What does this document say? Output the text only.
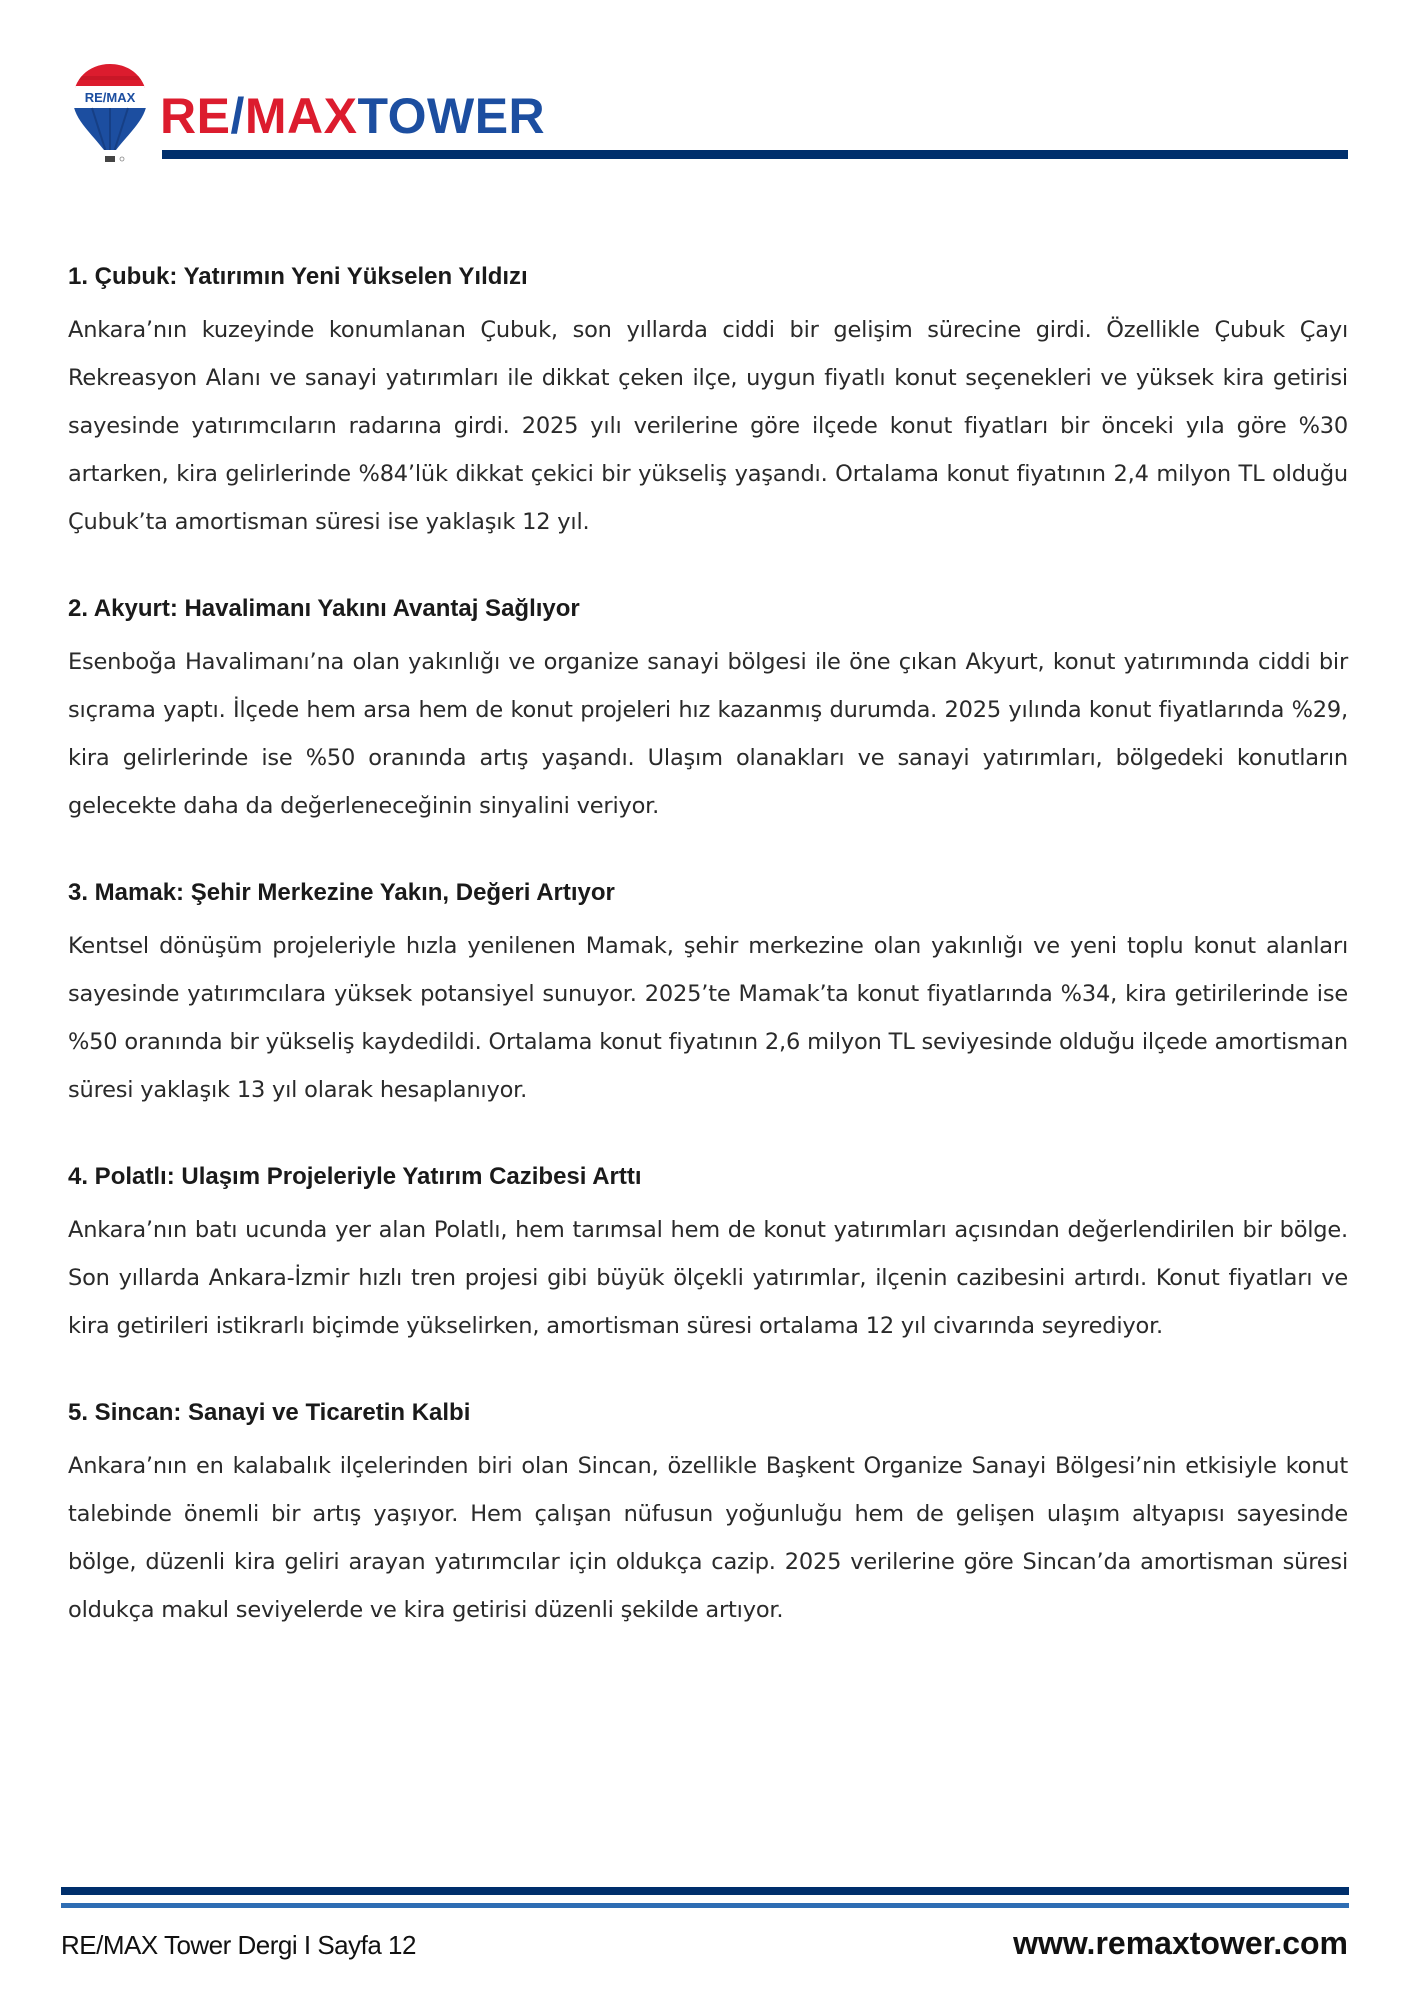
RE/MAX RE/MAXTOWER
1. Çubuk: Yatırımın Yeni Yükselen Yıldızı

Ankara’nın kuzeyinde konumlanan Çubuk, son yıllarda ciddi bir gelişim sürecine girdi. Özellikle Çubuk Çayı Rekreasyon Alanı ve sanayi yatırımları ile dikkat çeken ilçe, uygun fiyatlı konut seçenekleri ve yüksek kira getirisi sayesinde yatırımcıların radarına girdi. 2025 yılı verilerine göre ilçede konut fiyatları bir önceki yıla göre %30 artarken, kira gelirlerinde %84’lük dikkat çekici bir yükseliş yaşandı. Ortalama konut fiyatının 2,4 milyon TL olduğu Çubuk’ta amortisman süresi ise yaklaşık 12 yıl.

2. Akyurt: Havalimanı Yakını Avantaj Sağlıyor

Esenboğa Havalimanı’na olan yakınlığı ve organize sanayi bölgesi ile öne çıkan Akyurt, konut yatırımında ciddi bir sıçrama yaptı. İlçede hem arsa hem de konut projeleri hız kazanmış durumda. 2025 yılında konut fiyatlarında %29, kira gelirlerinde ise %50 oranında artış yaşandı. Ulaşım olanakları ve sanayi yatırımları, bölgedeki konutların gelecekte daha da değerleneceğinin sinyalini veriyor.

3. Mamak: Şehir Merkezine Yakın, Değeri Artıyor

Kentsel dönüşüm projeleriyle hızla yenilenen Mamak, şehir merkezine olan yakınlığı ve yeni toplu konut alanları sayesinde yatırımcılara yüksek potansiyel sunuyor. 2025’te Mamak’ta konut fiyatlarında %34, kira getirilerinde ise %50 oranında bir yükseliş kaydedildi. Ortalama konut fiyatının 2,6 milyon TL seviyesinde olduğu ilçede amortisman süresi yaklaşık 13 yıl olarak hesaplanıyor.

4. Polatlı: Ulaşım Projeleriyle Yatırım Cazibesi Arttı

Ankara’nın batı ucunda yer alan Polatlı, hem tarımsal hem de konut yatırımları açısından değerlendirilen bir bölge. Son yıllarda Ankara-İzmir hızlı tren projesi gibi büyük ölçekli yatırımlar, ilçenin cazibesini artırdı. Konut fiyatları ve kira getirileri istikrarlı biçimde yükselirken, amortisman süresi ortalama 12 yıl civarında seyrediyor.

5. Sincan: Sanayi ve Ticaretin Kalbi

Ankara’nın en kalabalık ilçelerinden biri olan Sincan, özellikle Başkent Organize Sanayi Bölgesi’nin etkisiyle konut talebinde önemli bir artış yaşıyor. Hem çalışan nüfusun yoğunluğu hem de gelişen ulaşım altyapısı sayesinde bölge, düzenli kira geliri arayan yatırımcılar için oldukça cazip. 2025 verilerine göre Sincan’da amortisman süresi oldukça makul seviyelerde ve kira getirisi düzenli şekilde artıyor.

RE/MAX Tower Dergi I Sayfa 12	www.remaxtower.com
